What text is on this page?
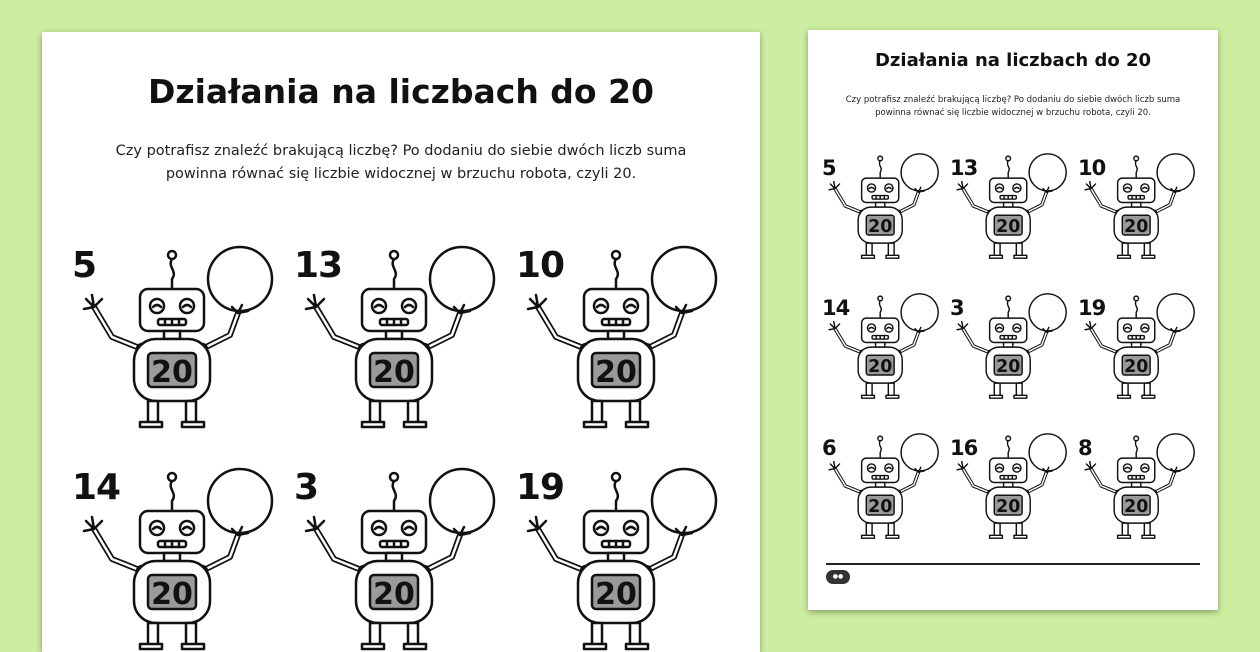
Działania na liczbach do 20

Czy potrafisz znaleźć brakującą liczbę? Po dodaniu do siebie dwóch liczb suma
powinna równać się liczbie widocznej w brzuchu robota, czyli 20.

5
20
13
20
10
20
14
20
3
20
19
20
Działania na liczbach do 20

Czy potrafisz znaleźć brakującą liczbę? Po dodaniu do siebie dwóch liczb suma
powinna równać się liczbie widocznej w brzuchu robota, czyli 20.

5
20
13
20
10
20
14
20
3
20
19
20
6
20
16
20
8
20
●●
